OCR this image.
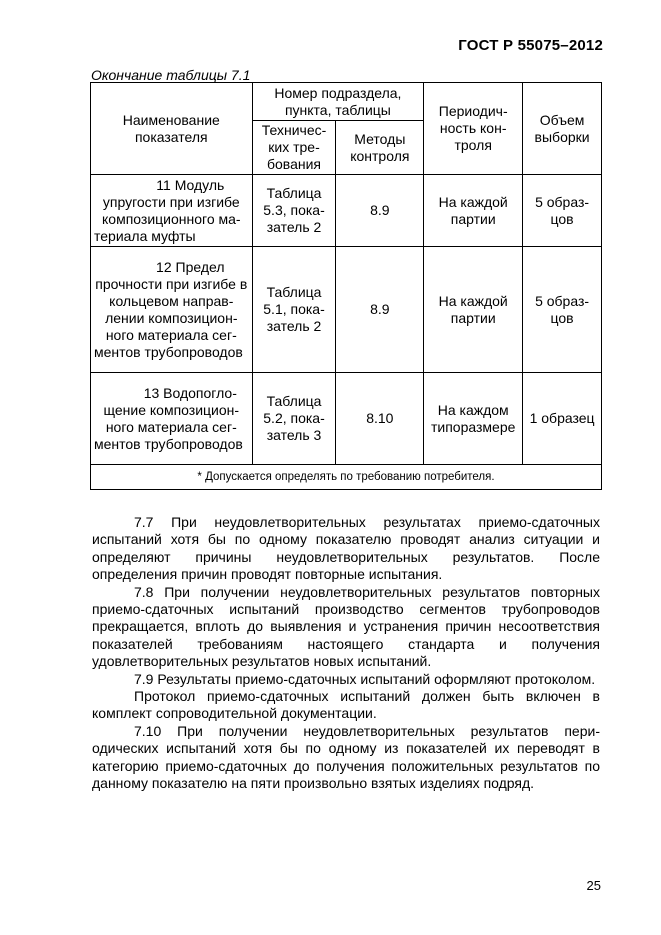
ГОСТ Р 55075–2012
Окончание таблицы 7.1
Наименование показателя	Номер подраздела, пункта, таблицы		Периодичность контроля	Объем выборки
	Технических требования	Методы контроля		
11 Модуль упругости при изгибе композиционного материала муфты	Таблица 5.3, показатель 2	8.9	На каждой партии	5 образцов
12 Предел прочности при изгибе в кольцевом направлении композиционного материала сегментов трубопроводов	Таблица 5.1, показатель 2	8.9	На каждой партии	5 образцов
13 Водопоглощение композиционного материала сегментов трубопроводов	Таблица 5.2, показатель 3	8.10	На каждом типоразмере	1 образец
* Допускается определять по требованию потребителя.				

7.7 При неудовлетворительных результатах приемо-сдаточных испытаний хотя бы по одному показателю проводят анализ ситуации и определяют причины неудовлетворительных результатов. После определения причин проводят повторные испытания.

7.8 При получении неудовлетворительных результатов повторных приемо-сдаточных испытаний производство сегментов трубопроводов прекращается, вплоть до выявления и устранения причин несоответствия показателей требованиям настоящего стандарта и получения удовлетворительных результатов новых испытаний.

7.9 Результаты приемо-сдаточных испытаний оформляют протоколом.

Протокол приемо-сдаточных испытаний должен быть включен в комплект сопроводительной документации.

7.10 При получении неудовлетворительных результатов периодических испытаний хотя бы по одному из показателей их переводят в категорию приемо-сдаточных до получения положительных результатов по данному показателю на пяти произвольно взятых изделиях подряд.

25
